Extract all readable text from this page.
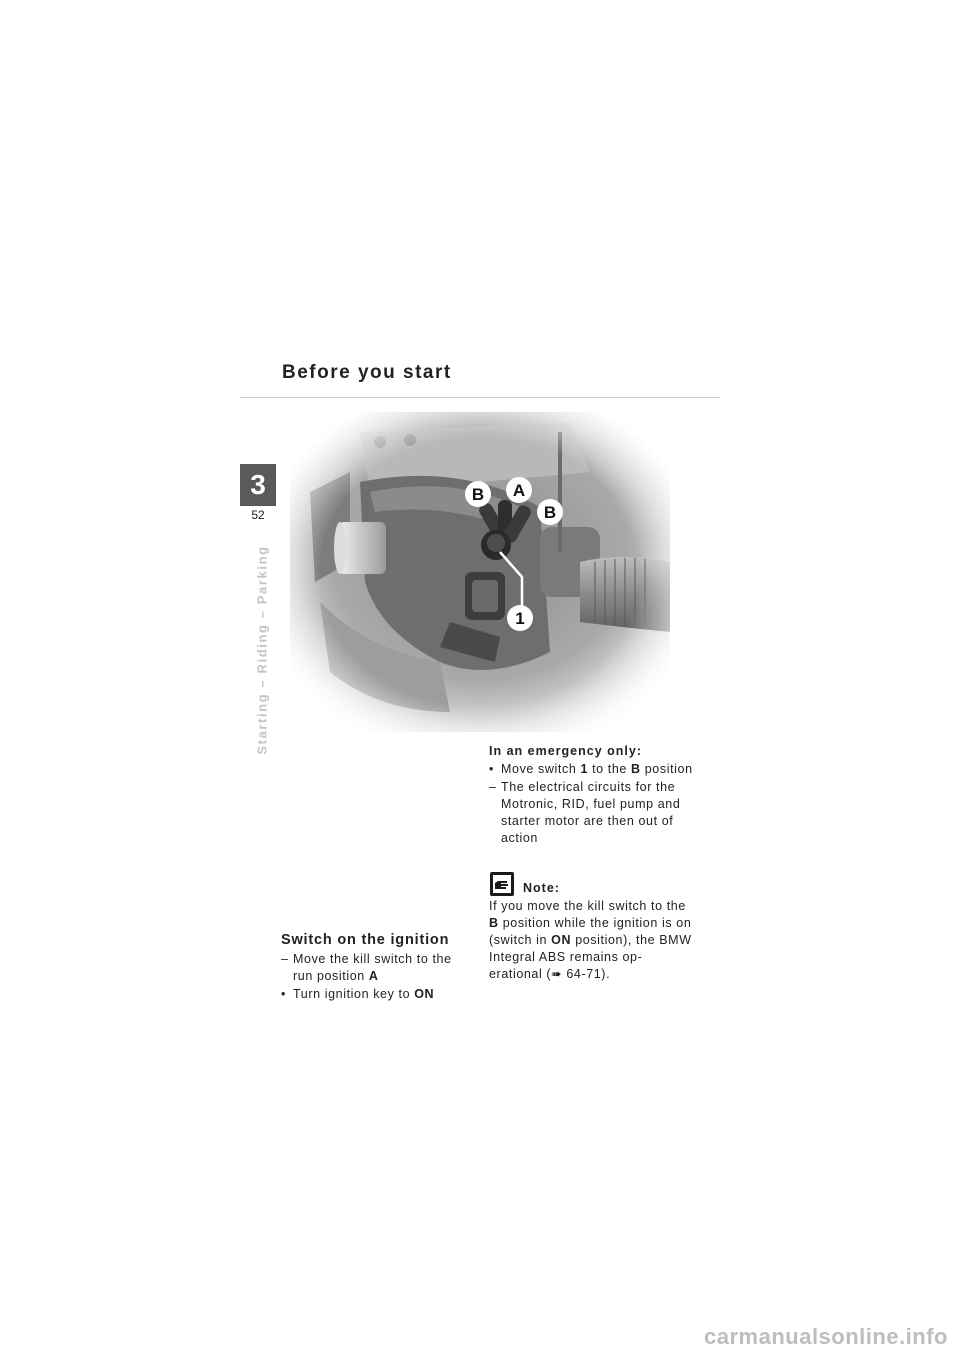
Before you start
3
52
Starting – Riding – Parking
B A
B
1
Switch on the ignition
– Move the kill switch to the run position A
• Turn ignition key to ON
In an emergency only:
• Move switch 1 to the B position
– The electrical circuits for the Motronic, RID, fuel pump and starter motor are then out of action
Note:
If you move the kill switch to the B position while the ignition is on (switch in ON position), the BMW Integral ABS remains op-erational (➠ 64-71).
carmanualsonline.info
